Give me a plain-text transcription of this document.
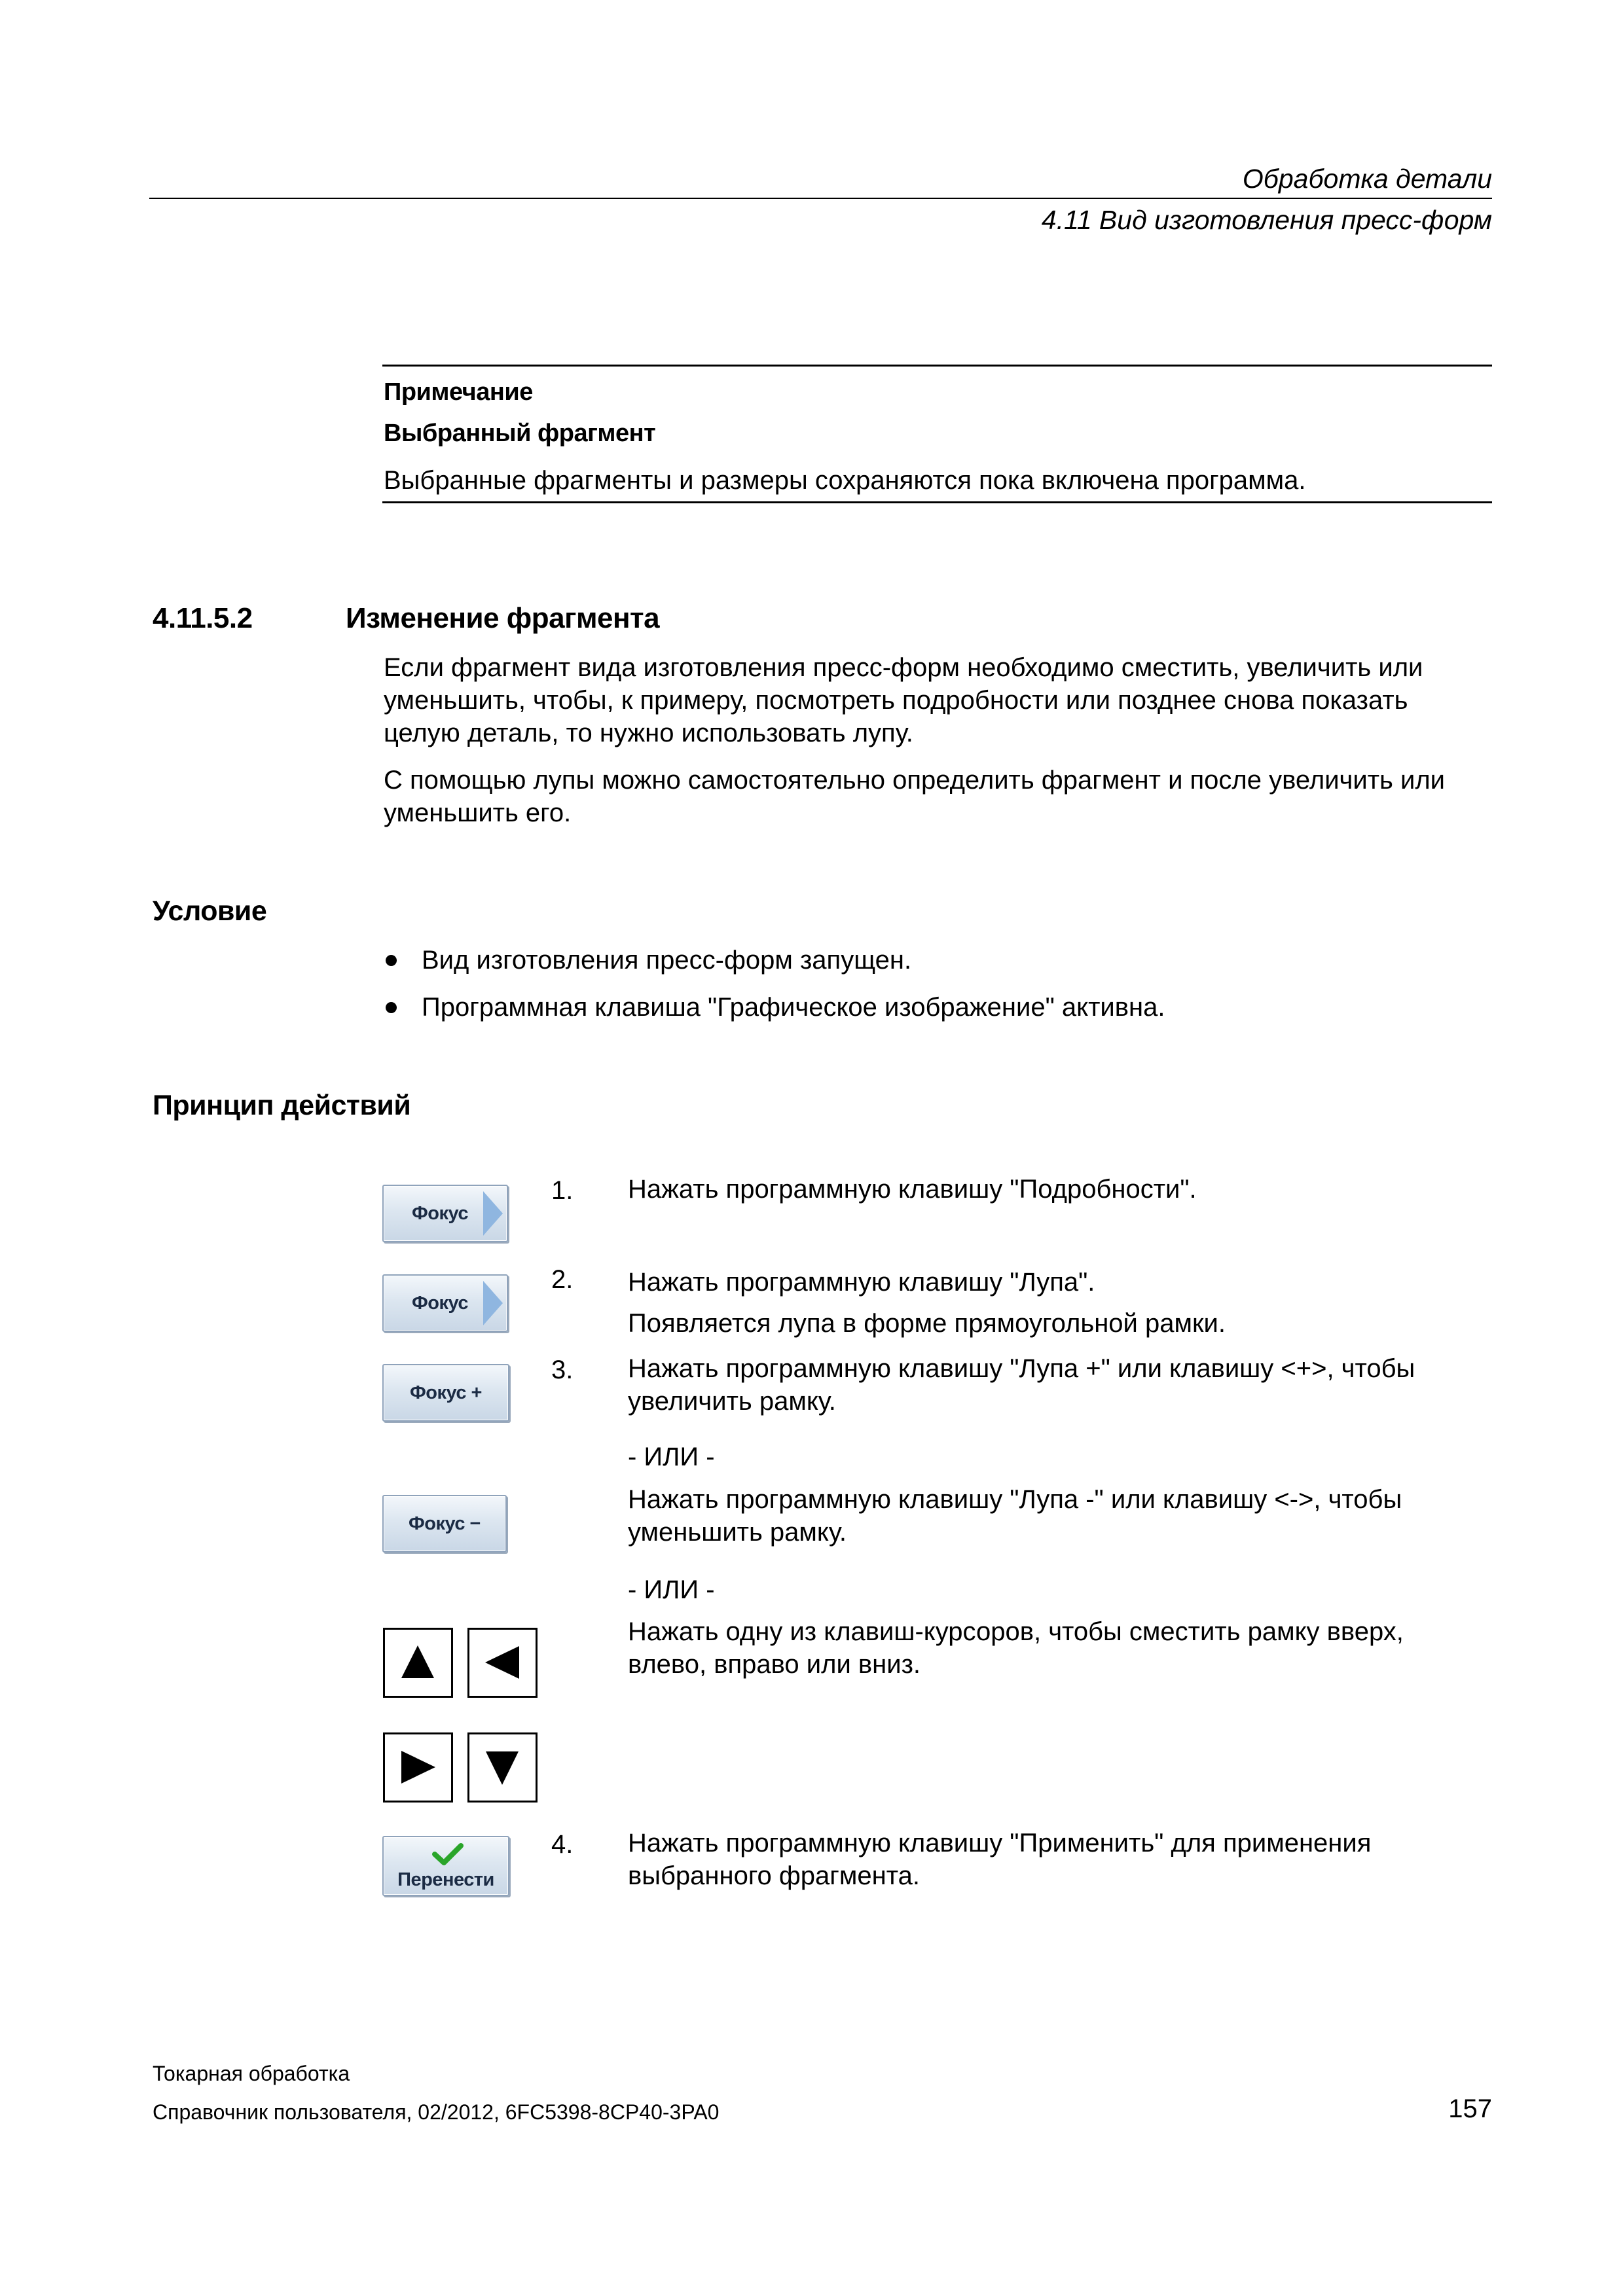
Обработка детали
4.11 Вид изготовления пресс-форм
Примечание
Выбранный фрагмент
Выбранные фрагменты и размеры сохраняются пока включена программа.
4.11.5.2	Изменение фрагмента
Если фрагмент вида изготовления пресс-форм необходимо сместить, увеличить или
уменьшить, чтобы, к примеру, посмотреть подробности или позднее снова показать
целую деталь, то нужно использовать лупу.
С помощью лупы можно самостоятельно определить фрагмент и после увеличить или
уменьшить его.
Условие
Вид изготовления пресс-форм запущен.
Программная клавиша "Графическое изображение" активна.
Принцип действий
Фокус
Фокус
Фокус +
Фокус −
Перенести
1. Нажать программную клавишу "Подробности".
2. Нажать программную клавишу "Лупа".
Появляется лупа в форме прямоугольной рамки.
3. Нажать программную клавишу "Лупа +" или клавишу <+>, чтобы
увеличить рамку.
- ИЛИ -
Нажать программную клавишу "Лупа -" или клавишу <->, чтобы
уменьшить рамку.
- ИЛИ -
Нажать одну из клавиш-курсоров, чтобы сместить рамку вверх,
влево, вправо или вниз.
4. Нажать программную клавишу "Применить" для применения
выбранного фрагмента.
Токарная обработка
Справочник пользователя, 02/2012, 6FC5398-8CP40-3PA0	157
